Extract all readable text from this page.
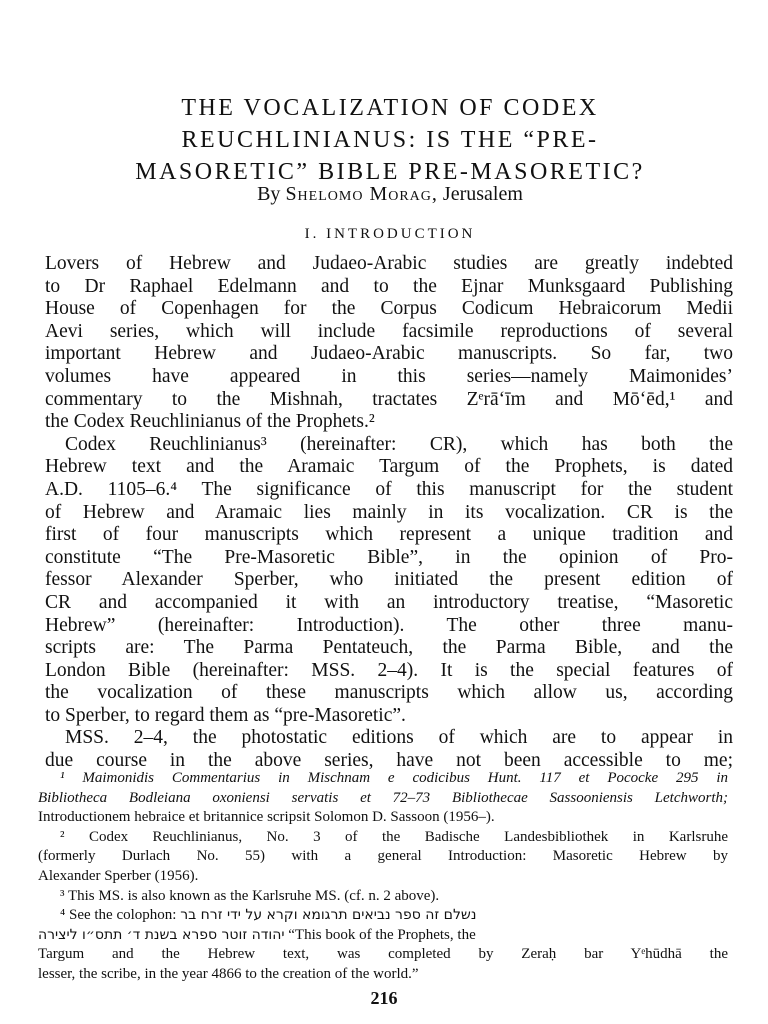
THE VOCALIZATION OF CODEX
REUCHLINIANUS: IS THE “PRE-
MASORETIC” BIBLE PRE-MASORETIC?
By Shelomo Morag, Jerusalem
I. INTRODUCTION
Lovers of Hebrew and Judaeo-Arabic studies are greatly indebted
to Dr Raphael Edelmann and to the Ejnar Munksgaard Publishing
House of Copenhagen for the Corpus Codicum Hebraicorum Medii
Aevi series, which will include facsimile reproductions of several
important Hebrew and Judaeo-Arabic manuscripts. So far, two
volumes have appeared in this series—namely Maimonides’
commentary to the Mishnah, tractates Zᵉrā‘īm and Mō‘ēd,¹ and
the Codex Reuchlinianus of the Prophets.²
Codex Reuchlinianus³ (hereinafter: CR), which has both the
Hebrew text and the Aramaic Targum of the Prophets, is dated
A.D. 1105–6.⁴ The significance of this manuscript for the student
of Hebrew and Aramaic lies mainly in its vocalization. CR is the
first of four manuscripts which represent a unique tradition and
constitute “The Pre-Masoretic Bible”, in the opinion of Pro-
fessor Alexander Sperber, who initiated the present edition of
CR and accompanied it with an introductory treatise, “Masoretic
Hebrew” (hereinafter: Introduction). The other three manu-
scripts are: The Parma Pentateuch, the Parma Bible, and the
London Bible (hereinafter: MSS. 2–4). It is the special features of
the vocalization of these manuscripts which allow us, according
to Sperber, to regard them as “pre-Masoretic”.
MSS. 2–4, the photostatic editions of which are to appear in
due course in the above series, have not been accessible to me;
¹ Maimonidis Commentarius in Mischnam e codicibus Hunt. 117 et Pococke 295 in
Bibliotheca Bodleiana oxoniensi servatis et 72–73 Bibliothecae Sassooniensis Letchworth;
Introductionem hebraice et britannice scripsit Solomon D. Sassoon (1956–).
² Codex Reuchlinianus, No. 3 of the Badische Landesbibliothek in Karlsruhe
(formerly Durlach No. 55) with a general Introduction: Masoretic Hebrew by
Alexander Sperber (1956).
³ This MS. is also known as the Karlsruhe MS. (cf. n. 2 above).
⁴ See the colophon: נשלם זה ספר נביאים תרגומא וקרא על ידי זרח בר
יהודה זוטר ספרא בשנת ד׳ תתס״ו ליצירה “This book of the Prophets, the
Targum and the Hebrew text, was completed by Zeraḥ bar Yᵉhūdhā the
lesser, the scribe, in the year 4866 to the creation of the world.”
216
